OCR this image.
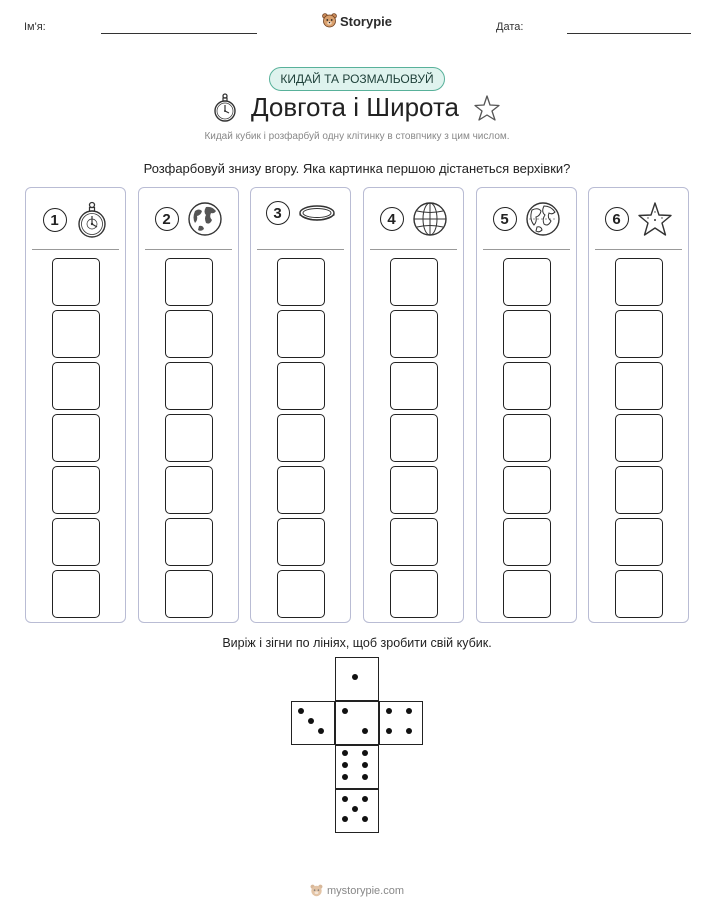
Ім'я:	Storypie	Дата:
КИДАЙ ТА РОЗМАЛЬОВУЙ
Довгота і Широта
Кидай кубик і розфарбуй одну клітинку в стовпчику з цим числом.
Розфарбовуй знизу вгору. Яка картинка першою дістанеться верхівки?
1	2	3	4	5	6
Виріж і зігни по лініях, щоб зробити свій кубик.
mystorypie.com
